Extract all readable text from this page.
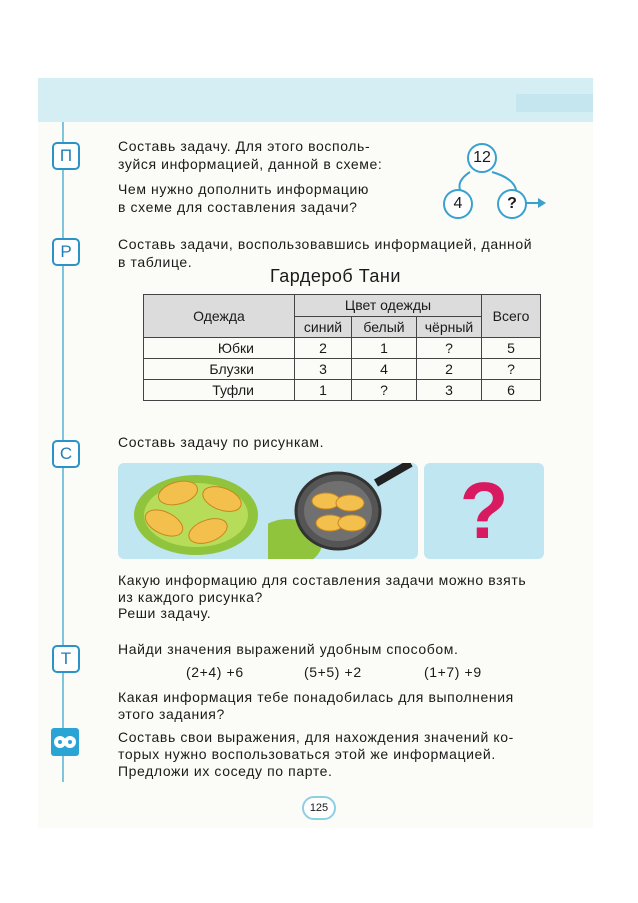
П	Составь задачу. Для этого восполь-
зуйся информацией, данной в схеме:
Чем нужно дополнить информацию
в схеме для составления задачи?
12
4	?
Р	Составь задачи, воспользовавшись информацией, данной
в таблице.
Гардероб Тани
Одежда	Цвет одежды			Всего
	синий	белый	чёрный	
Юбки	2	1	?	5
Блузки	3	4	2	?
Туфли	1	?	3	6
С
Составь задачу по рисункам.
?
Какую информацию для составления задачи можно взять
из каждого рисунка?
Реши задачу.
Т	Найди значения выражений удобным способом.
(2+4) +6	(5+5) +2	(1+7) +9
Какая информация тебе понадобилась для выполнения
этого задания?
Составь свои выражения, для нахождения значений ко-
торых нужно воспользоваться этой же информацией.
Предложи их соседу по парте.
125
